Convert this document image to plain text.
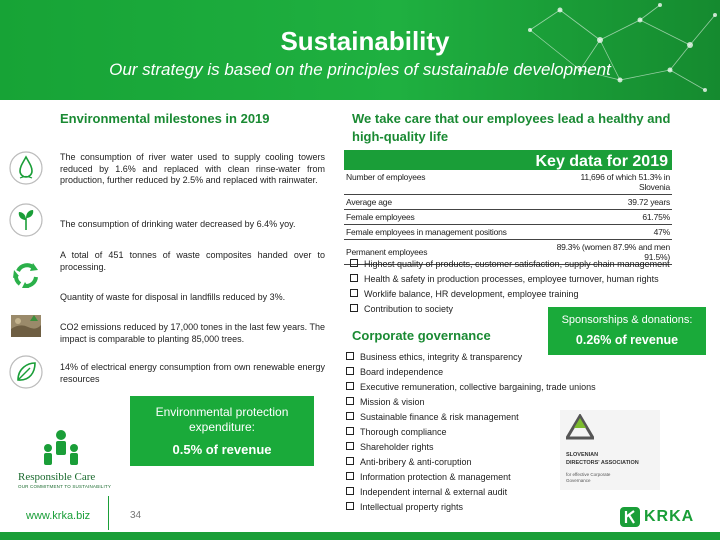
Sustainability
Our strategy is based on the principles of sustainable development
Environmental milestones in 2019
The consumption of river water used to supply cooling towers reduced by 1.6% and replaced with clean rinse-water from production, further reduced by 2.5% and replaced with rainwater.
The consumption of drinking water decreased by 6.4% yoy.
A total of 451 tonnes of waste composites handed over to processing.
Quantity of waste for disposal in landfills reduced by 3%.
CO2 emissions reduced by 17,000 tones in the last few years. The impact is comparable to planting 85,000 trees.
14% of electrical energy consumption from own renewable energy resources
Environmental protection expenditure:
0.5% of revenue
Responsible Care
OUR COMMITMENT TO SUSTAINABILITY
We take care that our employees lead a healthy and high-quality life
Key data for 2019
Number of employees	11,696 of which 51.3% in Slovenia
Average age	39.72 years
Female employees	61.75%
Female employees in management positions	47%
Permanent employees	89.3% (women 87.9% and men 91.5%)
Highest quality of products, customer satisfaction, supply chain management
Health & safety in production processes, employee turnover, human rights
Worklife balance, HR development, employee training
Contribution to society
Sponsorships & donations:
0.26% of revenue
Corporate governance
Business ethics, integrity & transparency
Board independence
Executive remuneration, collective bargaining, trade unions
Mission & vision
Sustainable finance & risk management
Thorough compliance
Shareholder rights
Anti-bribery & anti-coruption
Information protection & management
Independent internal & external audit
Intellectual property rights
SLOVENIAN
DIRECTORS' ASSOCIATION
for effective Corporate
Governance
www.krka.biz	34	KRKA
